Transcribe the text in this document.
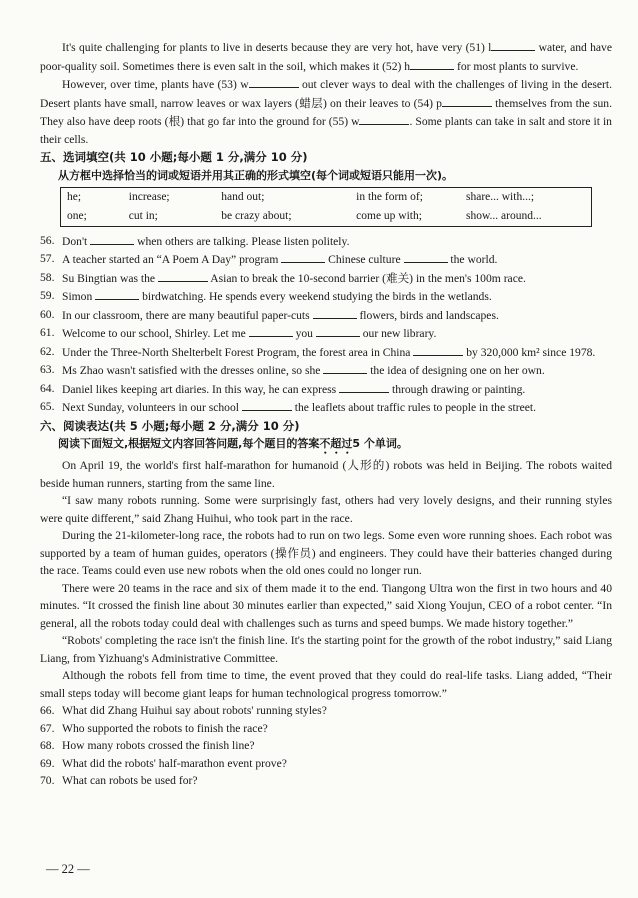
It's quite challenging for plants to live in deserts because they are very hot, have very (51) l	water, and have poor-quality soil. Sometimes there is even salt in the soil, which makes it (52) h	for most plants to survive.

However, over time, plants have (53) w	out clever ways to deal with the challenges of living in the desert. Desert plants have small, narrow leaves or wax layers (蜡层) on their leaves to (54) p	themselves from the sun. They also have deep roots (根) that go far into the ground for (55) w	. Some plants can take in salt and store it in their cells.

五、选词填空(共 10 小题;每小题 1 分,满分 10 分)

从方框中选择恰当的词或短语并用其正确的形式填空(每个词或短语只能用一次)。

he;	increase;	hand out;	in the form of;	share... with...;
one;	cut in;	be crazy about;	come up with;	show... around...
56. Don't	when others are talking. Please listen politely.
57. A teacher started an “A Poem A Day” program	Chinese culture	the world.
58. Su Bingtian was the	Asian to break the 10-second barrier (难关) in the men's 100m race.
59. Simon	birdwatching. He spends every weekend studying the birds in the wetlands.
60. In our classroom, there are many beautiful paper-cuts	flowers, birds and landscapes.
61. Welcome to our school, Shirley. Let me	you	our new library.
62. Under the Three-North Shelterbelt Forest Program, the forest area in China	by 320,000 km² since 1978.
63. Ms Zhao wasn't satisfied with the dresses online, so she	the idea of designing one on her own.
64. Daniel likes keeping art diaries. In this way, he can express	through drawing or painting.
65. Next Sunday, volunteers in our school	the leaflets about traffic rules to people in the street.

六、阅读表达(共 5 小题;每小题 2 分,满分 10 分)

阅读下面短文,根据短文内容回答问题,每个题目的答案不超过5 个单词。

On April 19, the world's first half-marathon for humanoid (人形的) robots was held in Beijing. The robots waited beside human runners, starting from the same line.

“I saw many robots running. Some were surprisingly fast, others had very lovely designs, and their running styles were quite different,” said Zhang Huihui, who took part in the race.

During the 21-kilometer-long race, the robots had to run on two legs. Some even wore running shoes. Each robot was supported by a team of human guides, operators (操作员) and engineers. They could have their batteries changed during the race. Teams could even use new robots when the old ones could no longer run.

There were 20 teams in the race and six of them made it to the end. Tiangong Ultra won the first in two hours and 40 minutes. “It crossed the finish line about 30 minutes earlier than expected,” said Xiong Youjun, CEO of a robot center. “In general, all the robots today could deal with challenges such as turns and speed bumps. We made history together.”

“Robots' completing the race isn't the finish line. It's the starting point for the growth of the robot industry,” said Liang Liang, from Yizhuang's Administrative Committee.

Although the robots fell from time to time, the event proved that they could do real-life tasks. Liang added, “Their small steps today will become giant leaps for human technological progress tomorrow.”

66. What did Zhang Huihui say about robots' running styles?
67. Who supported the robots to finish the race?
68. How many robots crossed the finish line?
69. What did the robots' half-marathon event prove?
70. What can robots be used for?
— 22 —
